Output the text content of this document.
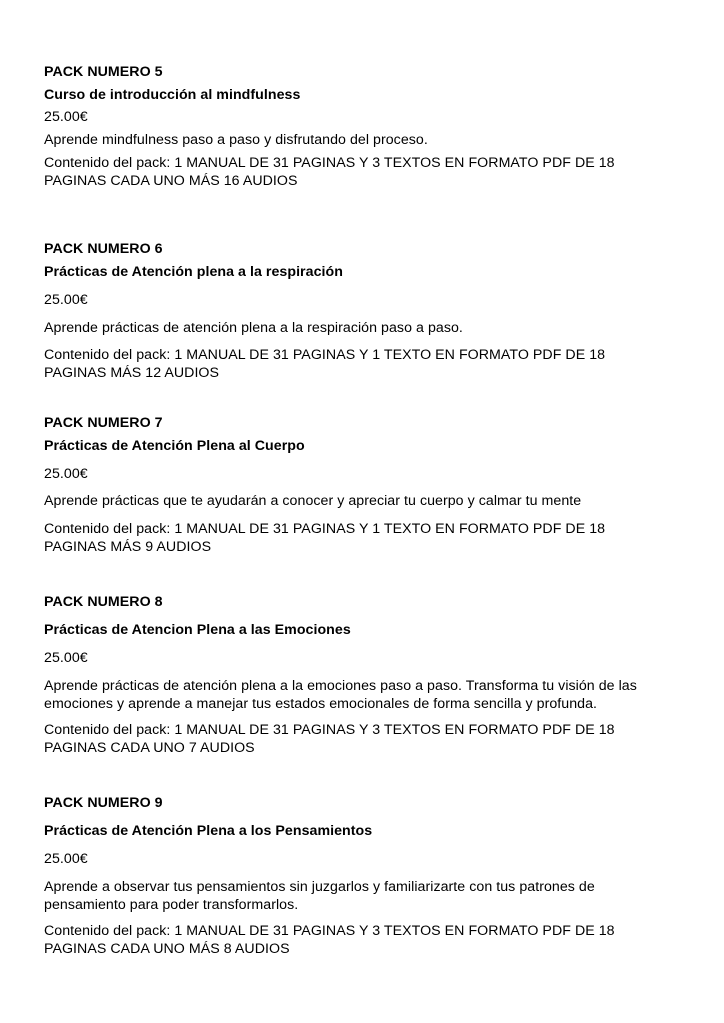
PACK NUMERO 5
Curso de introducción al mindfulness
25.00€
Aprende mindfulness paso a paso y disfrutando del proceso.
Contenido del pack: 1 MANUAL DE 31 PAGINAS Y 3 TEXTOS EN FORMATO PDF DE 18
PAGINAS CADA UNO MÁS 16 AUDIOS
PACK NUMERO 6
Prácticas de Atención plena a la respiración
25.00€
Aprende prácticas de atención plena a la respiración paso a paso.
Contenido del pack: 1 MANUAL DE 31 PAGINAS Y 1 TEXTO EN FORMATO PDF DE 18
PAGINAS MÁS 12 AUDIOS
PACK NUMERO 7
Prácticas de Atención Plena al Cuerpo
25.00€
Aprende prácticas que te ayudarán a conocer y apreciar tu cuerpo y calmar tu mente
Contenido del pack: 1 MANUAL DE 31 PAGINAS Y 1 TEXTO EN FORMATO PDF DE 18
PAGINAS MÁS 9 AUDIOS
PACK NUMERO 8
Prácticas de Atencion Plena a las Emociones
25.00€
Aprende prácticas de atención plena a la emociones paso a paso. Transforma tu visión de las
emociones y aprende a manejar tus estados emocionales de forma sencilla y profunda.
Contenido del pack: 1 MANUAL DE 31 PAGINAS Y 3 TEXTOS EN FORMATO PDF DE 18
PAGINAS CADA UNO 7 AUDIOS
PACK NUMERO 9
Prácticas de Atención Plena a los Pensamientos
25.00€
Aprende a observar tus pensamientos sin juzgarlos y familiarizarte con tus patrones de
pensamiento para poder transformarlos.
Contenido del pack: 1 MANUAL DE 31 PAGINAS Y 3 TEXTOS EN FORMATO PDF DE 18
PAGINAS CADA UNO MÁS 8 AUDIOS
